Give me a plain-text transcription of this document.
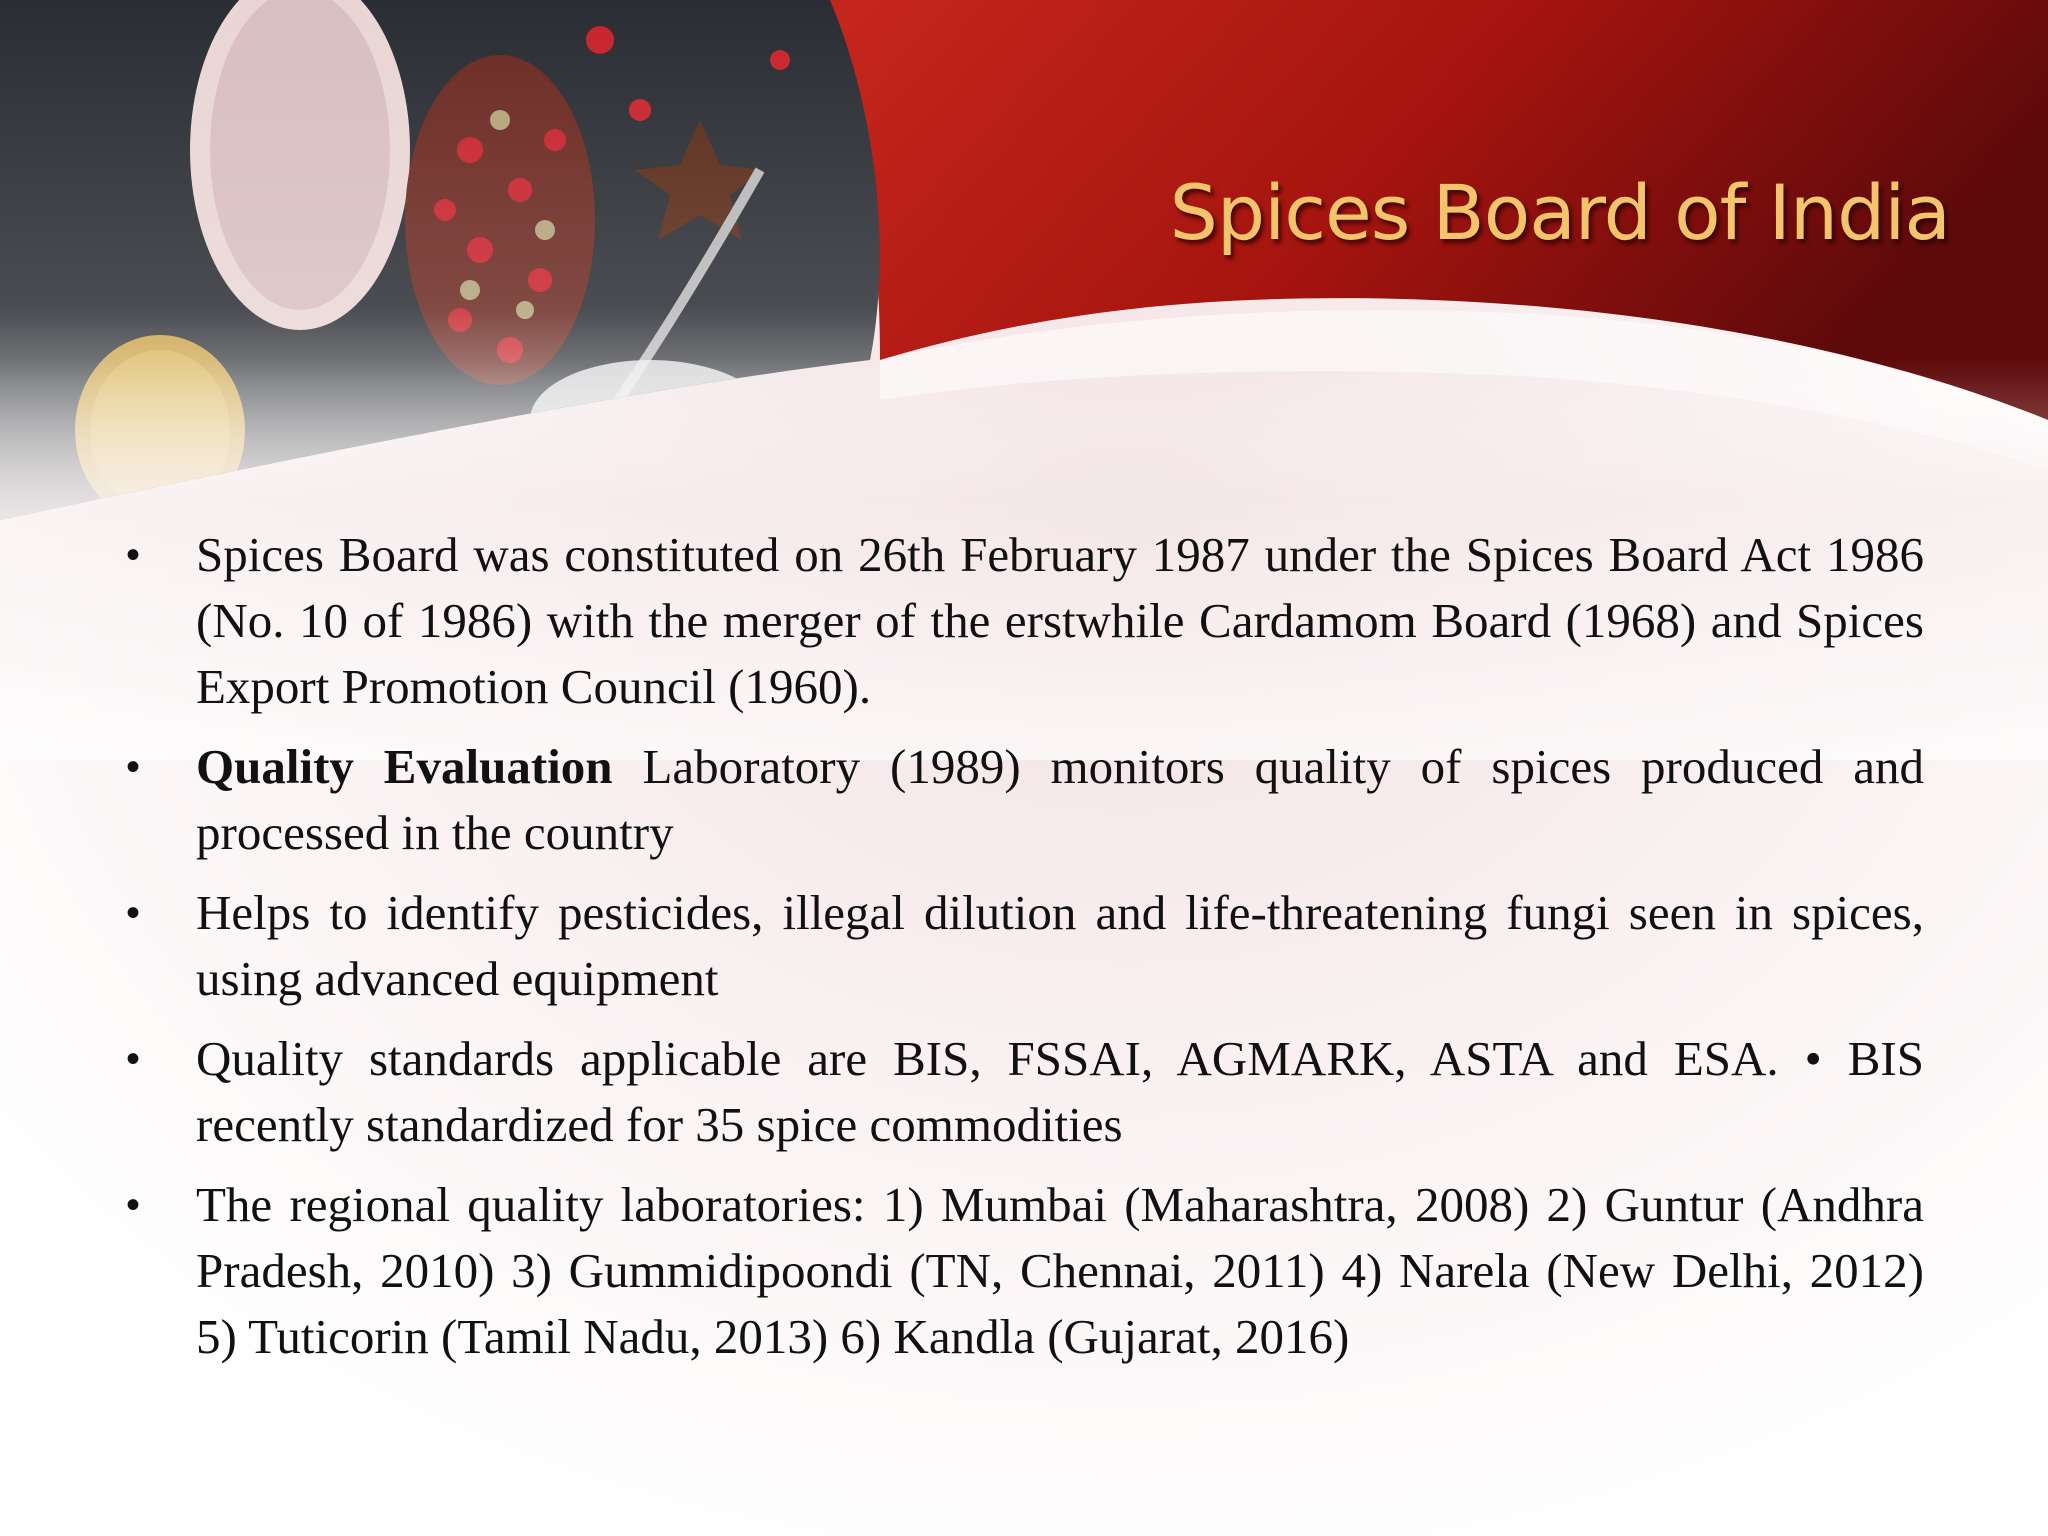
Spices Board of India
• Spices Board was constituted on 26th February 1987 under the Spices Board Act 1986 (No. 10 of 1986) with the merger of the erstwhile Cardamom Board (1968) and Spices Export Promotion Council (1960).
• Quality Evaluation Laboratory (1989) monitors quality of spices produced and processed in the country
• Helps to identify pesticides, illegal dilution and life-threatening fungi seen in spices, using advanced equipment
• Quality standards applicable are BIS, FSSAI, AGMARK, ASTA and ESA. • BIS recently standardized for 35 spice commodities
• The regional quality laboratories: 1) Mumbai (Maharashtra, 2008) 2) Guntur (Andhra Pradesh, 2010) 3) Gummidipoondi (TN, Chennai, 2011) 4) Narela (New Delhi, 2012) 5) Tuticorin (Tamil Nadu, 2013) 6) Kandla (Gujarat, 2016)
